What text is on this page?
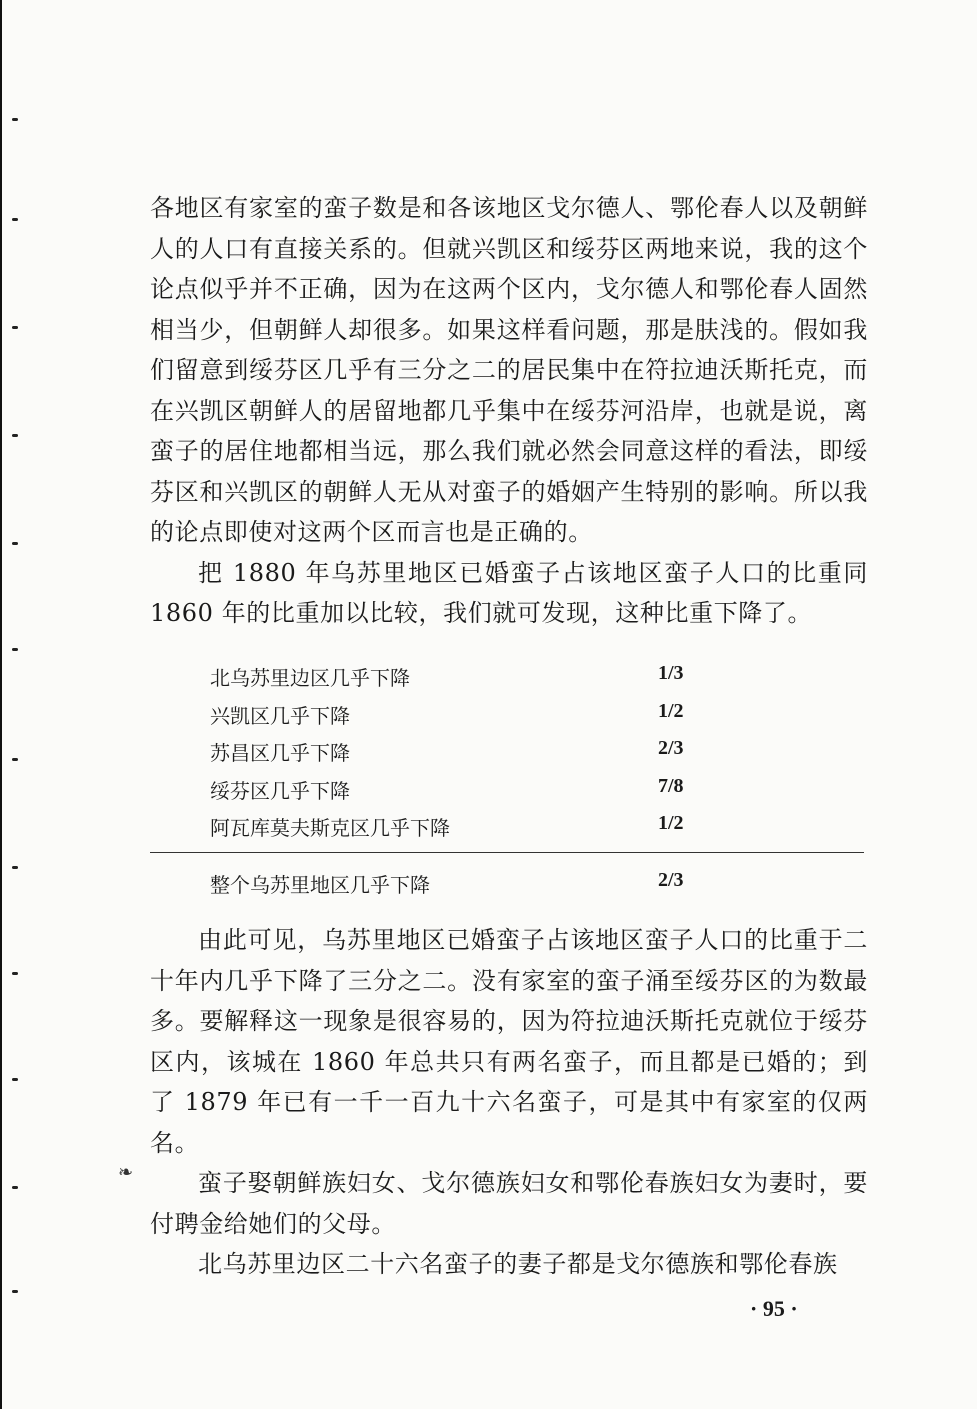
各地区有家室的蛮子数是和各该地区戈尔德人、鄂伦春人以及朝鲜人的人口有直接关系的。但就兴凯区和绥芬区两地来说，我的这个论点似乎并不正确，因为在这两个区内，戈尔德人和鄂伦春人固然相当少，但朝鲜人却很多。如果这样看问题，那是肤浅的。假如我们留意到绥芬区几乎有三分之二的居民集中在符拉迪沃斯托克，而在兴凯区朝鲜人的居留地都几乎集中在绥芬河沿岸，也就是说，离蛮子的居住地都相当远，那么我们就必然会同意这样的看法，即绥芬区和兴凯区的朝鲜人无从对蛮子的婚姻产生特别的影响。所以我的论点即使对这两个区而言也是正确的。

把 1880 年乌苏里地区已婚蛮子占该地区蛮子人口的比重同 1860 年的比重加以比较，我们就可发现，这种比重下降了。

北乌苏里边区几乎下降	1/3
兴凯区几乎下降	1/2
苏昌区几乎下降	2/3
绥芬区几乎下降	7/8
阿瓦库莫夫斯克区几乎下降	1/2
整个乌苏里地区几乎下降	2/3

由此可见，乌苏里地区已婚蛮子占该地区蛮子人口的比重于二十年内几乎下降了三分之二。没有家室的蛮子涌至绥芬区的为数最多。要解释这一现象是很容易的，因为符拉迪沃斯托克就位于绥芬区内，该城在 1860 年总共只有两名蛮子，而且都是已婚的；到了 1879 年已有一千一百九十六名蛮子，可是其中有家室的仅两名。

蛮子娶朝鲜族妇女、戈尔德族妇女和鄂伦春族妇女为妻时，要付聘金给她们的父母。

北乌苏里边区二十六名蛮子的妻子都是戈尔德族和鄂伦春族

❧
· 95 ·
